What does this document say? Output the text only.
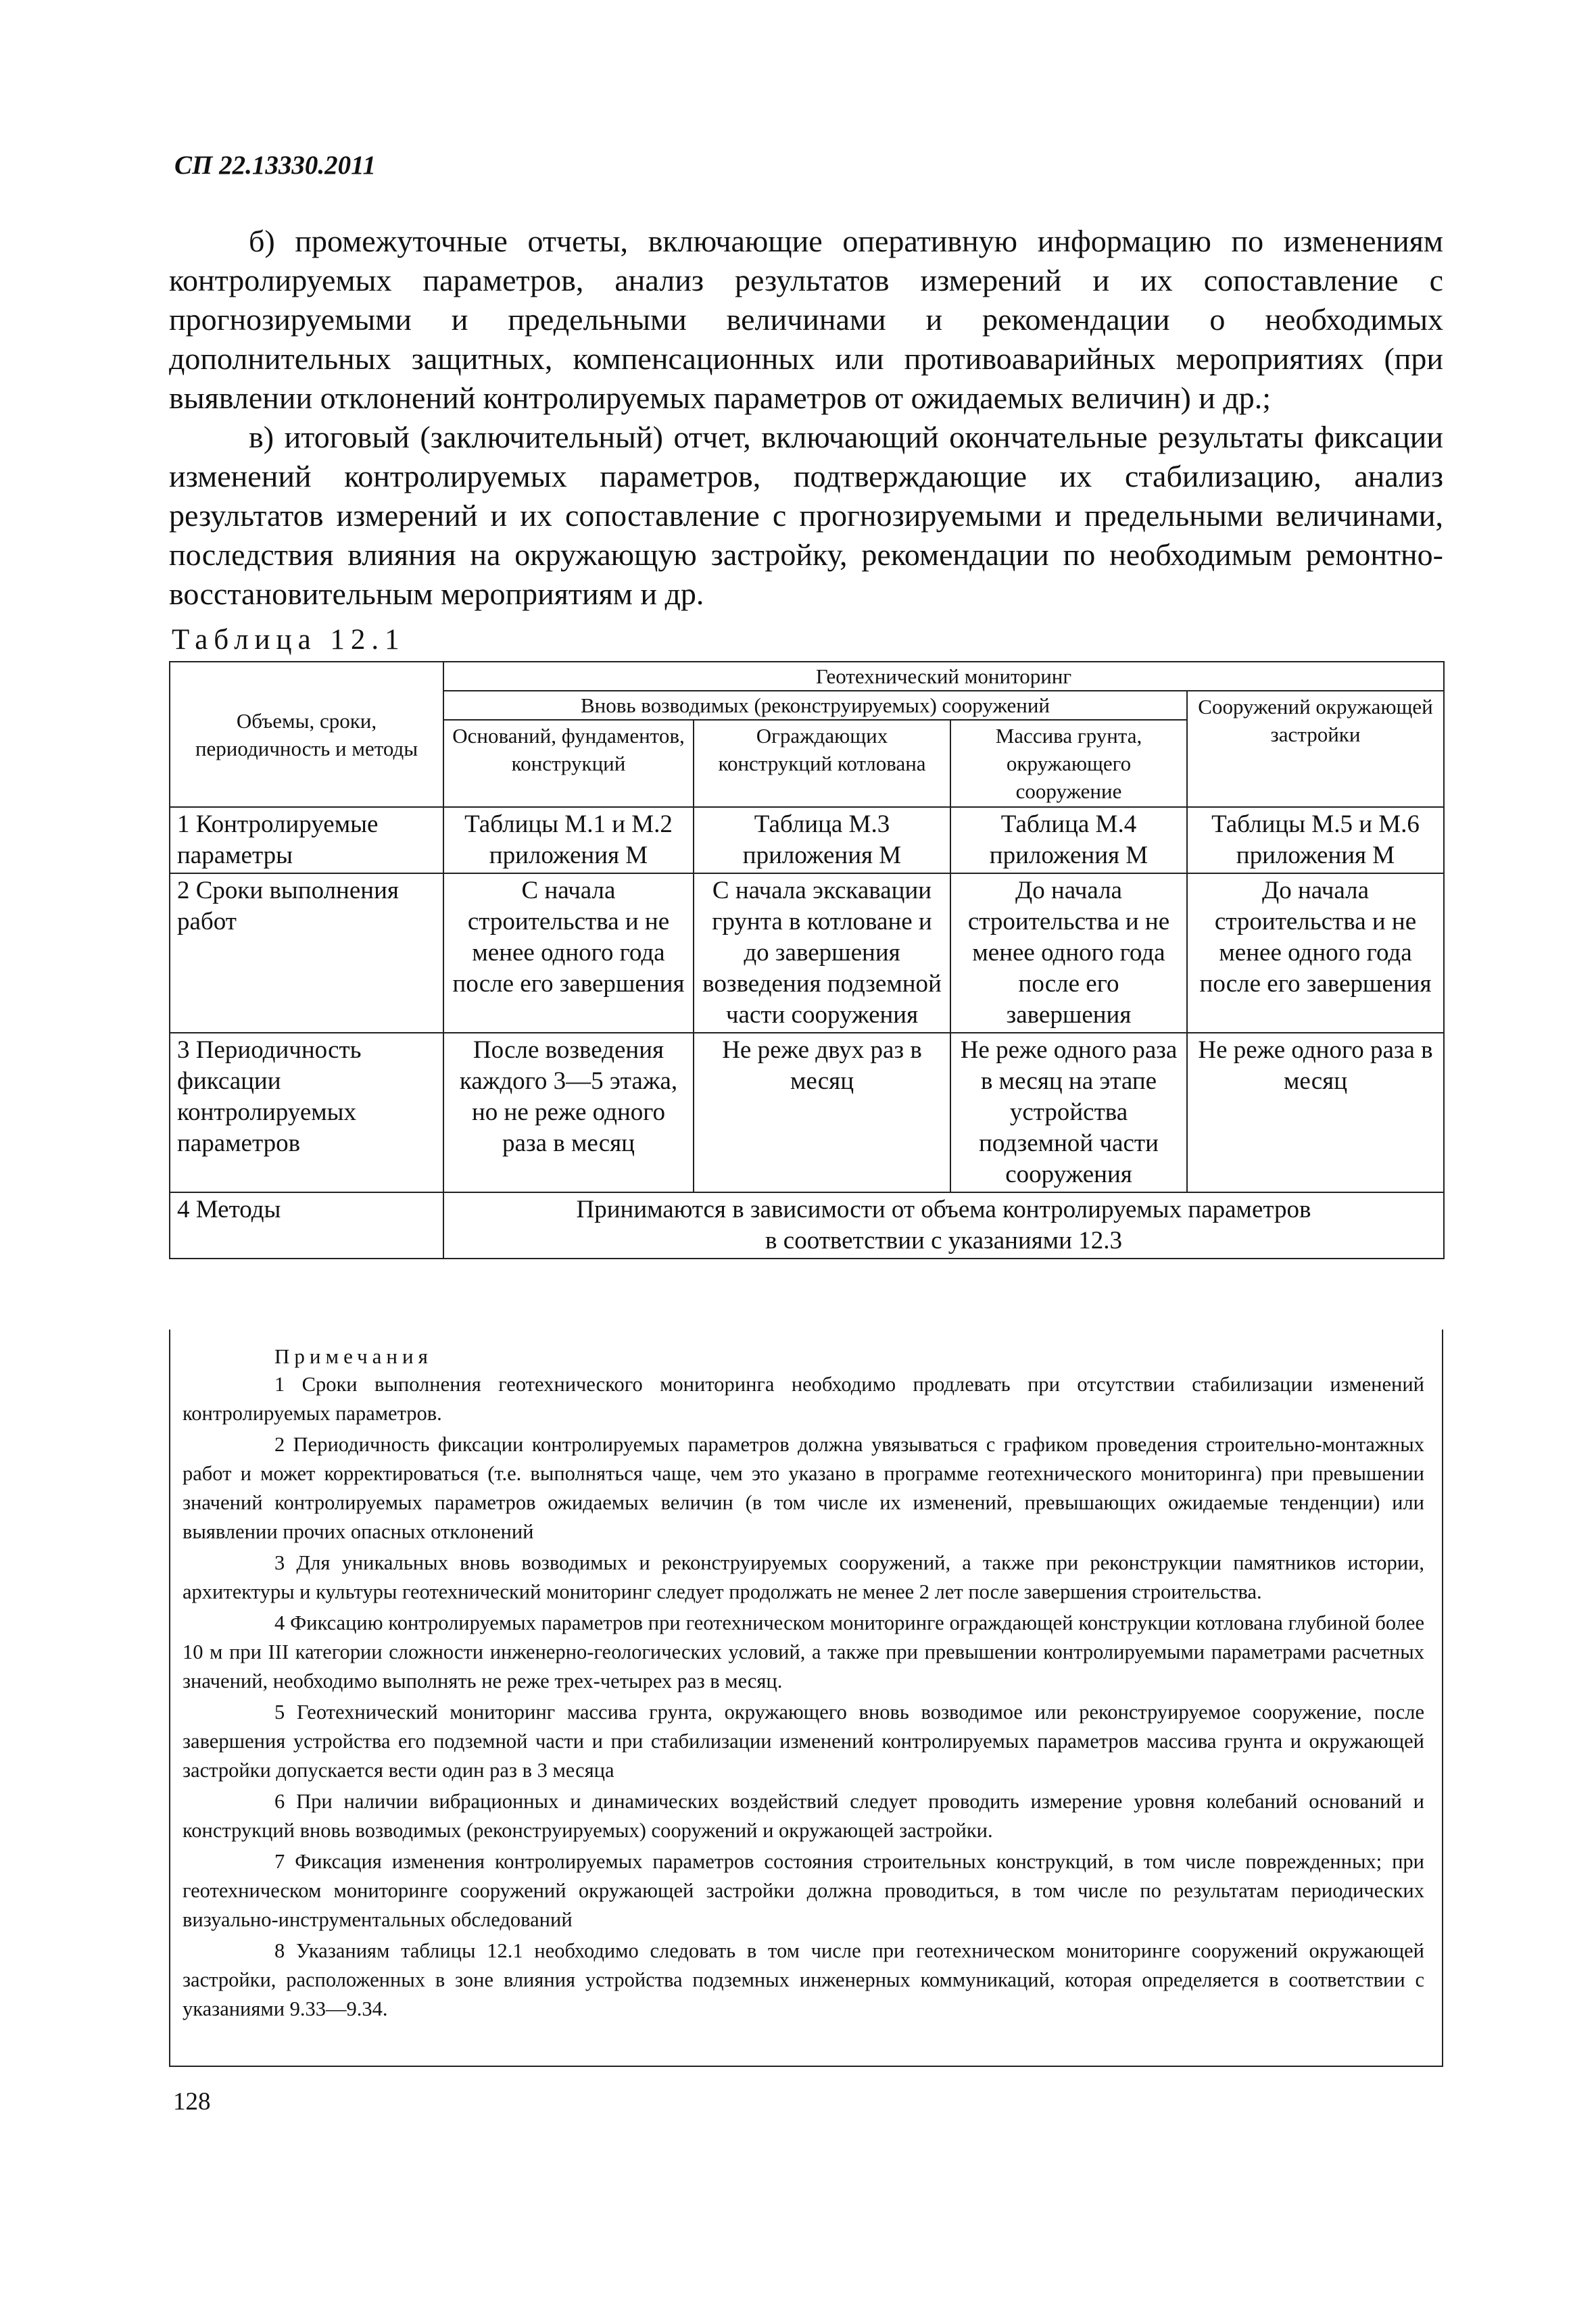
СП 22.13330.2011

б) промежуточные отчеты, включающие оперативную информацию по изменениям контролируемых параметров, анализ результатов измерений и их сопоставление с прогнозируемыми и предельными величинами и рекомендации о необходимых дополнительных защитных, компенсационных или противоаварийных мероприятиях (при выявлении отклонений контролируемых параметров от ожидаемых величин) и др.;

в) итоговый (заключительный) отчет, включающий окончательные результаты фиксации изменений контролируемых параметров, подтверждающие их стабилизацию, анализ результатов измерений и их сопоставление с прогнозируемыми и предельными величинами, последствия влияния на окружающую застройку, рекомендации по необходимым ремонтно-восстановительным мероприятиям и др.

Таблица 12.1
Объемы, сроки, периодичность и методы	Геотехнический мониторинг			
	Вновь возводимых (реконструируемых) сооружений			Сооружений окружающей застройки
	Оснований, фундаментов, конструкций	Ограждающих конструкций котлована	Массива грунта, окружающего сооружение	
1 Контролируемые параметры	Таблицы М.1 и М.2 приложения М	Таблица М.3 приложения М	Таблица М.4 приложения М	Таблицы М.5 и М.6 приложения М
2 Сроки выполнения работ	С начала строительства и не менее одного года после его завершения	С начала экскавации грунта в котловане и до завершения возведения подземной части сооружения	До начала строительства и не менее одного года после его завершения	До начала строительства и не менее одного года после его завершения
3 Периодичность фиксации контролируемых параметров	После возведения каждого 3—5 этажа, но не реже одного раза в месяц	Не реже двух раз в месяц	Не реже одного раза в месяц на этапе устройства подземной части сооружения	Не реже одного раза в месяц
4 Методы	Принимаются в зависимости от объема контролируемых параметров
в соответствии с указаниями 12.3			
Примечания

1 Сроки выполнения геотехнического мониторинга необходимо продлевать при отсутствии стабилизации изменений контролируемых параметров.

2 Периодичность фиксации контролируемых параметров должна увязываться с графиком проведения строительно-монтажных работ и может корректироваться (т.е. выполняться чаще, чем это указано в программе геотехнического мониторинга) при превышении значений контролируемых параметров ожидаемых величин (в том числе их изменений, превышающих ожидаемые тенденции) или выявлении прочих опасных отклонений

3 Для уникальных вновь возводимых и реконструируемых сооружений, а также при реконструкции памятников истории, архитектуры и культуры геотехнический мониторинг следует продолжать не менее 2 лет после завершения строительства.

4 Фиксацию контролируемых параметров при геотехническом мониторинге ограждающей конструкции котлована глубиной более 10 м при III категории сложности инженерно-геологических условий, а также при превышении контролируемыми параметрами расчетных значений, необходимо выполнять не реже трех-четырех раз в месяц.

5 Геотехнический мониторинг массива грунта, окружающего вновь возводимое или реконструируемое сооружение, после завершения устройства его подземной части и при стабилизации изменений контролируемых параметров массива грунта и окружающей застройки допускается вести один раз в 3 месяца

6 При наличии вибрационных и динамических воздействий следует проводить измерение уровня колебаний оснований и конструкций вновь возводимых (реконструируемых) сооружений и окружающей застройки.

7 Фиксация изменения контролируемых параметров состояния строительных конструкций, в том числе поврежденных; при геотехническом мониторинге сооружений окружающей застройки должна проводиться, в том числе по результатам периодических визуально-инструментальных обследований

8 Указаниям таблицы 12.1 необходимо следовать в том числе при геотехническом мониторинге сооружений окружающей застройки, расположенных в зоне влияния устройства подземных инженерных коммуникаций, которая определяется в соответствии с указаниями 9.33—9.34.

128
